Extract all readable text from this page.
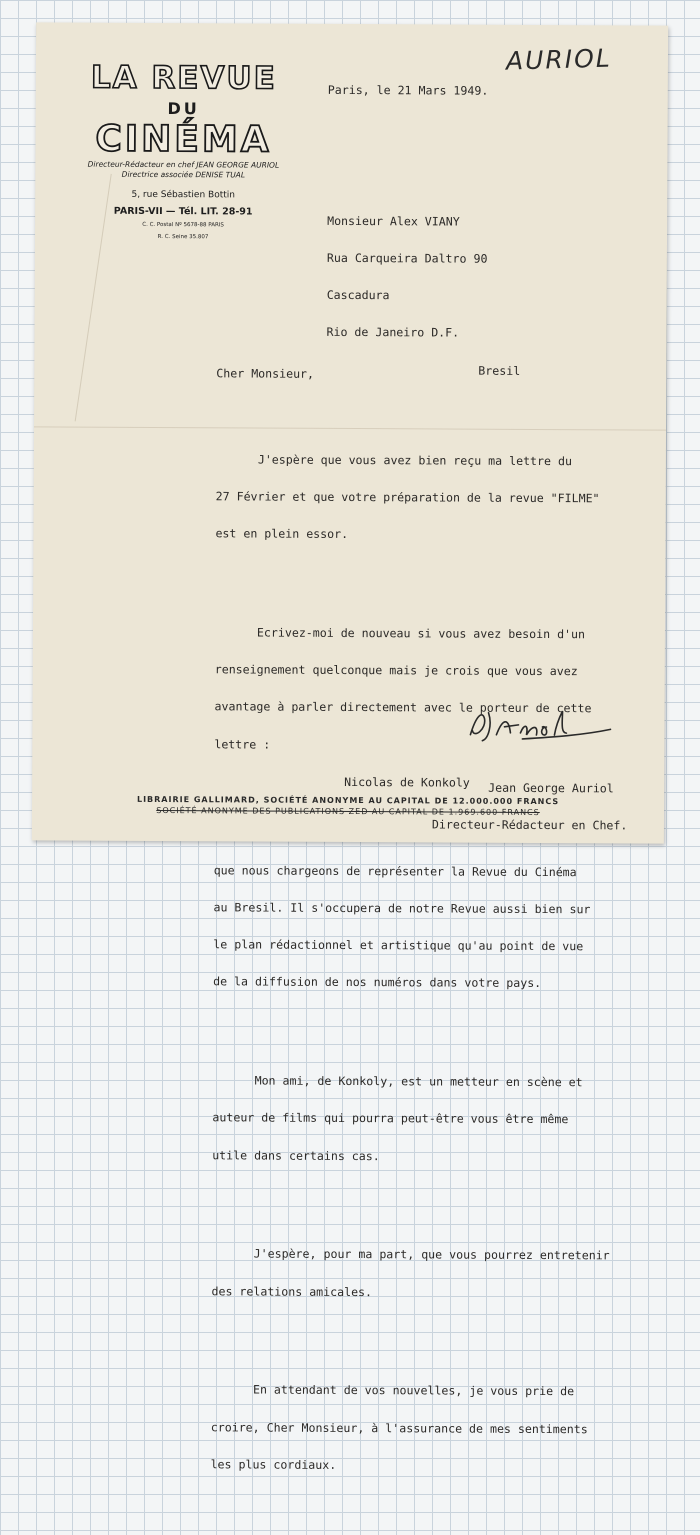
LA REVUE
DU
CINÉMA
Directeur-Rédacteur en chef JEAN GEORGE AURIOL
Directrice associée DENISE TUAL
5, rue Sébastien Bottin
PARIS-VII — Tél. LIT. 28-91
C. C. Postal Nº 5678-88 PARIS
R. C. Seine 35.807
AURIOL
Paris, le 21 Mars 1949.

Monsieur Alex VIANY

Rua Carqueira Daltro 90

Cascadura

Rio de Janeiro D.F.

Bresil

Cher Monsieur,

J'espère que vous avez bien reçu ma lettre du

27 Février et que votre préparation de la revue "FILME"

est en plein essor.

Ecrivez-moi de nouveau si vous avez besoin d'un

renseignement quelconque mais je crois que vous avez

avantage à parler directement avec le porteur de cette

lettre :

Nicolas de Konkoly

que nous chargeons de représenter la Revue du Cinéma

au Bresil. Il s'occupera de notre Revue aussi bien sur

le plan rédactionnel et artistique qu'au point de vue

de la diffusion de nos numéros dans votre pays.

Mon ami, de Konkoly, est un metteur en scène et

auteur de films qui pourra peut-être vous être même

utile dans certains cas.

J'espère, pour ma part, que vous pourrez entretenir

des relations amicales.

En attendant de vos nouvelles, je vous prie de

croire, Cher Monsieur, à l'assurance de mes sentiments

les plus cordiaux.

Jean George Auriol

Directeur-Rédacteur en Chef.

LIBRAIRIE GALLIMARD, SOCIÉTÉ ANONYME AU CAPITAL DE 12.000.000 FRANCS
SOCIÉTÉ ANONYME DES PUBLICATIONS ZED AU CAPITAL DE 1.969.600 FRANCS
